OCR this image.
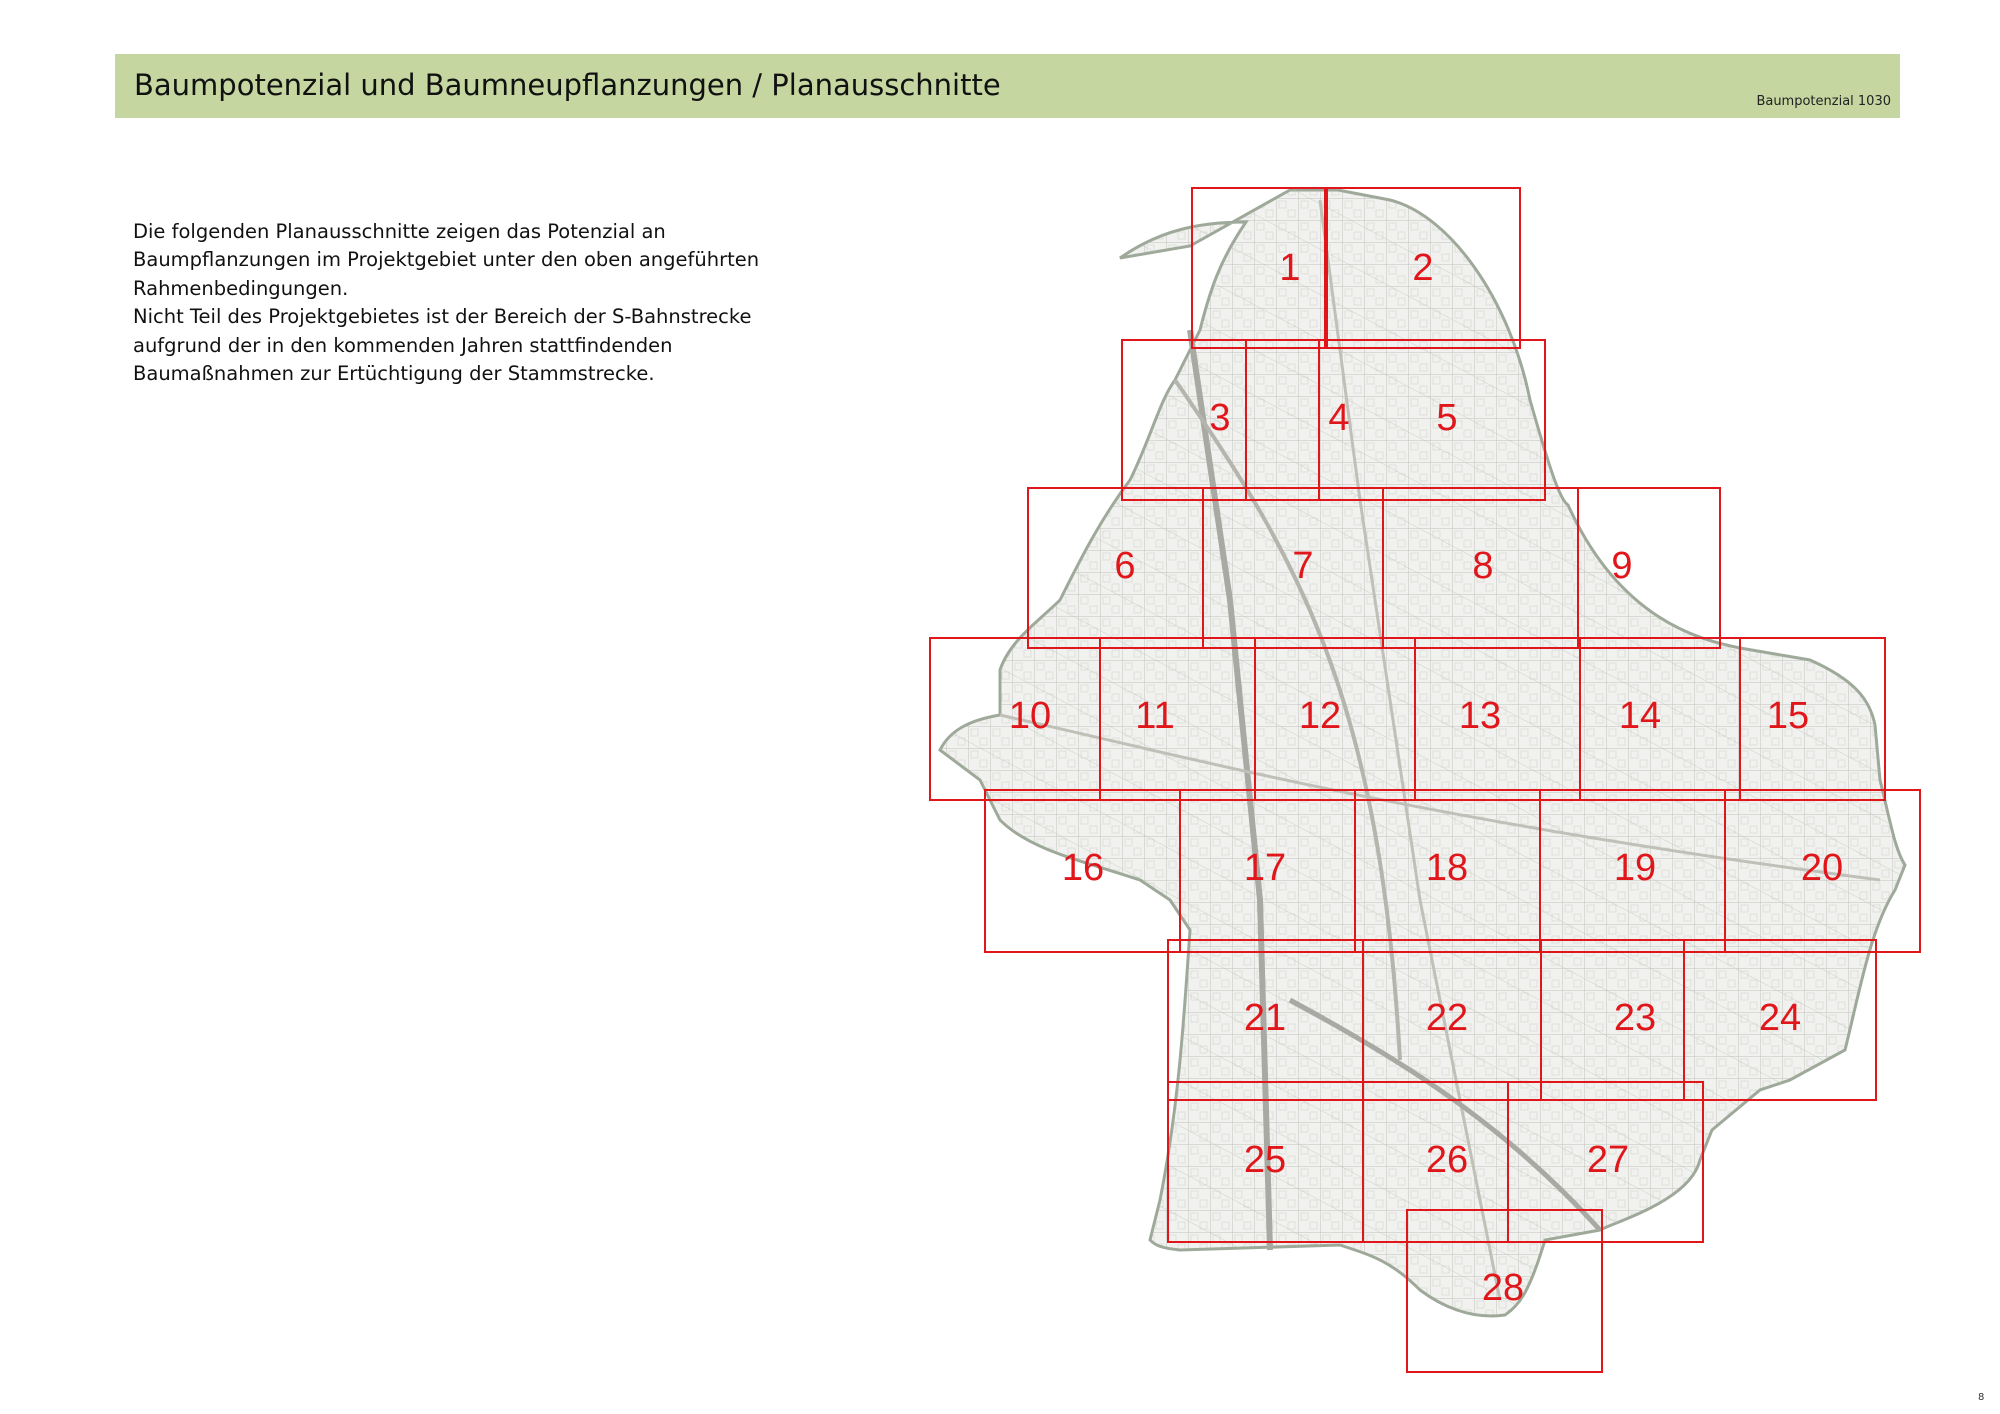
Baumpotenzial und Baumneupflanzungen / Planausschnitte	Baumpotenzial 1030

Die folgenden Planausschnitte zeigen das Potenzial an Baumpflanzungen im Projektgebiet unter den oben angeführten Rahmenbedingungen.

Nicht Teil des Projektgebietes ist der Bereich der S-Bahnstrecke aufgrund der in den kommenden Jahren stattfindenden Baumaßnahmen zur Ertüchtigung der Stammstrecke.

1	2
3	4 5
6	7	8	9
10 11	12	13	14	15
16	17	18	19	20
21	22	23	24
25	26	27
28
8
